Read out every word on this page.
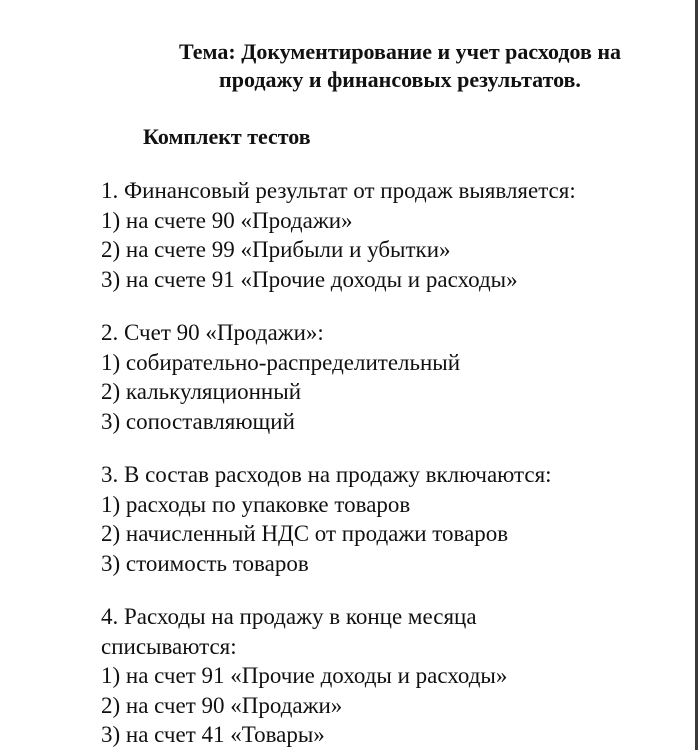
Тема: Документирование и учет расходов на
продажу и финансовых результатов.
Комплект тестов
1. Финансовый результат от продаж выявляется:
1) на счете 90 «Продажи»
2) на счете 99 «Прибыли и убытки»
3) на счете 91 «Прочие доходы и расходы»
2. Счет 90 «Продажи»:
1) собирательно-распределительный
2) калькуляционный
3) сопоставляющий
3. В состав расходов на продажу включаются:
1) расходы по упаковке товаров
2) начисленный НДС от продажи товаров
3) стоимость товаров
4. Расходы на продажу в конце месяца
списываются:
1) на счет 91 «Прочие доходы и расходы»
2) на счет 90 «Продажи»
3) на счет 41 «Товары»
